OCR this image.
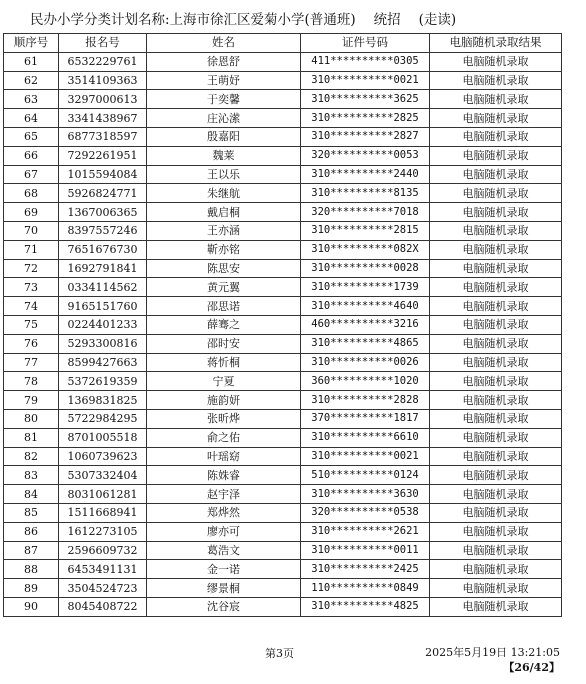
民办小学分类计划名称:上海市徐汇区爱菊小学(普通班) 统招 (走读)
顺序号	报名号	姓名	证件号码	电脑随机录取结果
61	6532229761	徐恩舒	411**********0305	电脑随机录取
62	3514109363	王萌妤	310**********0021	电脑随机录取
63	3297000613	于奕馨	310**********3625	电脑随机录取
64	3341438967	庄沁潆	310**********2825	电脑随机录取
65	6877318597	殷嘉阳	310**********2827	电脑随机录取
66	7292261951	魏莱	320**********0053	电脑随机录取
67	1015594084	王以乐	310**********2440	电脑随机录取
68	5926824771	朱继航	310**********8135	电脑随机录取
69	1367006365	戴启桐	320**********7018	电脑随机录取
70	8397557246	王亦涵	310**********2815	电脑随机录取
71	7651676730	靳亦铭	310**********082X	电脑随机录取
72	1692791841	陈思安	310**********0028	电脑随机录取
73	0334114562	黄元翼	310**********1739	电脑随机录取
74	9165151760	邵思诺	310**********4640	电脑随机录取
75	0224401233	薛骞之	460**********3216	电脑随机录取
76	5293300816	邵时安	310**********4865	电脑随机录取
77	8599427663	蒋忻桐	310**********0026	电脑随机录取
78	5372619359	宁夏	360**********1020	电脑随机录取
79	1369831825	施韵妍	310**********2828	电脑随机录取
80	5722984295	张昕烨	370**********1817	电脑随机录取
81	8701005518	俞之佑	310**********6610	电脑随机录取
82	1060739623	叶瑶窈	310**********0021	电脑随机录取
83	5307332404	陈姝睿	510**********0124	电脑随机录取
84	8031061281	赵宇泽	310**********3630	电脑随机录取
85	1511668941	郑烨然	320**********0538	电脑随机录取
86	1612273105	廖亦可	310**********2621	电脑随机录取
87	2596609732	葛浩文	310**********0011	电脑随机录取
88	6453491131	金一诺	310**********2425	电脑随机录取
89	3504524723	缪景桐	110**********0849	电脑随机录取
90	8045408722	沈谷宸	310**********4825	电脑随机录取
第3页	2025年5月19日 13:21:05
【26/42】
